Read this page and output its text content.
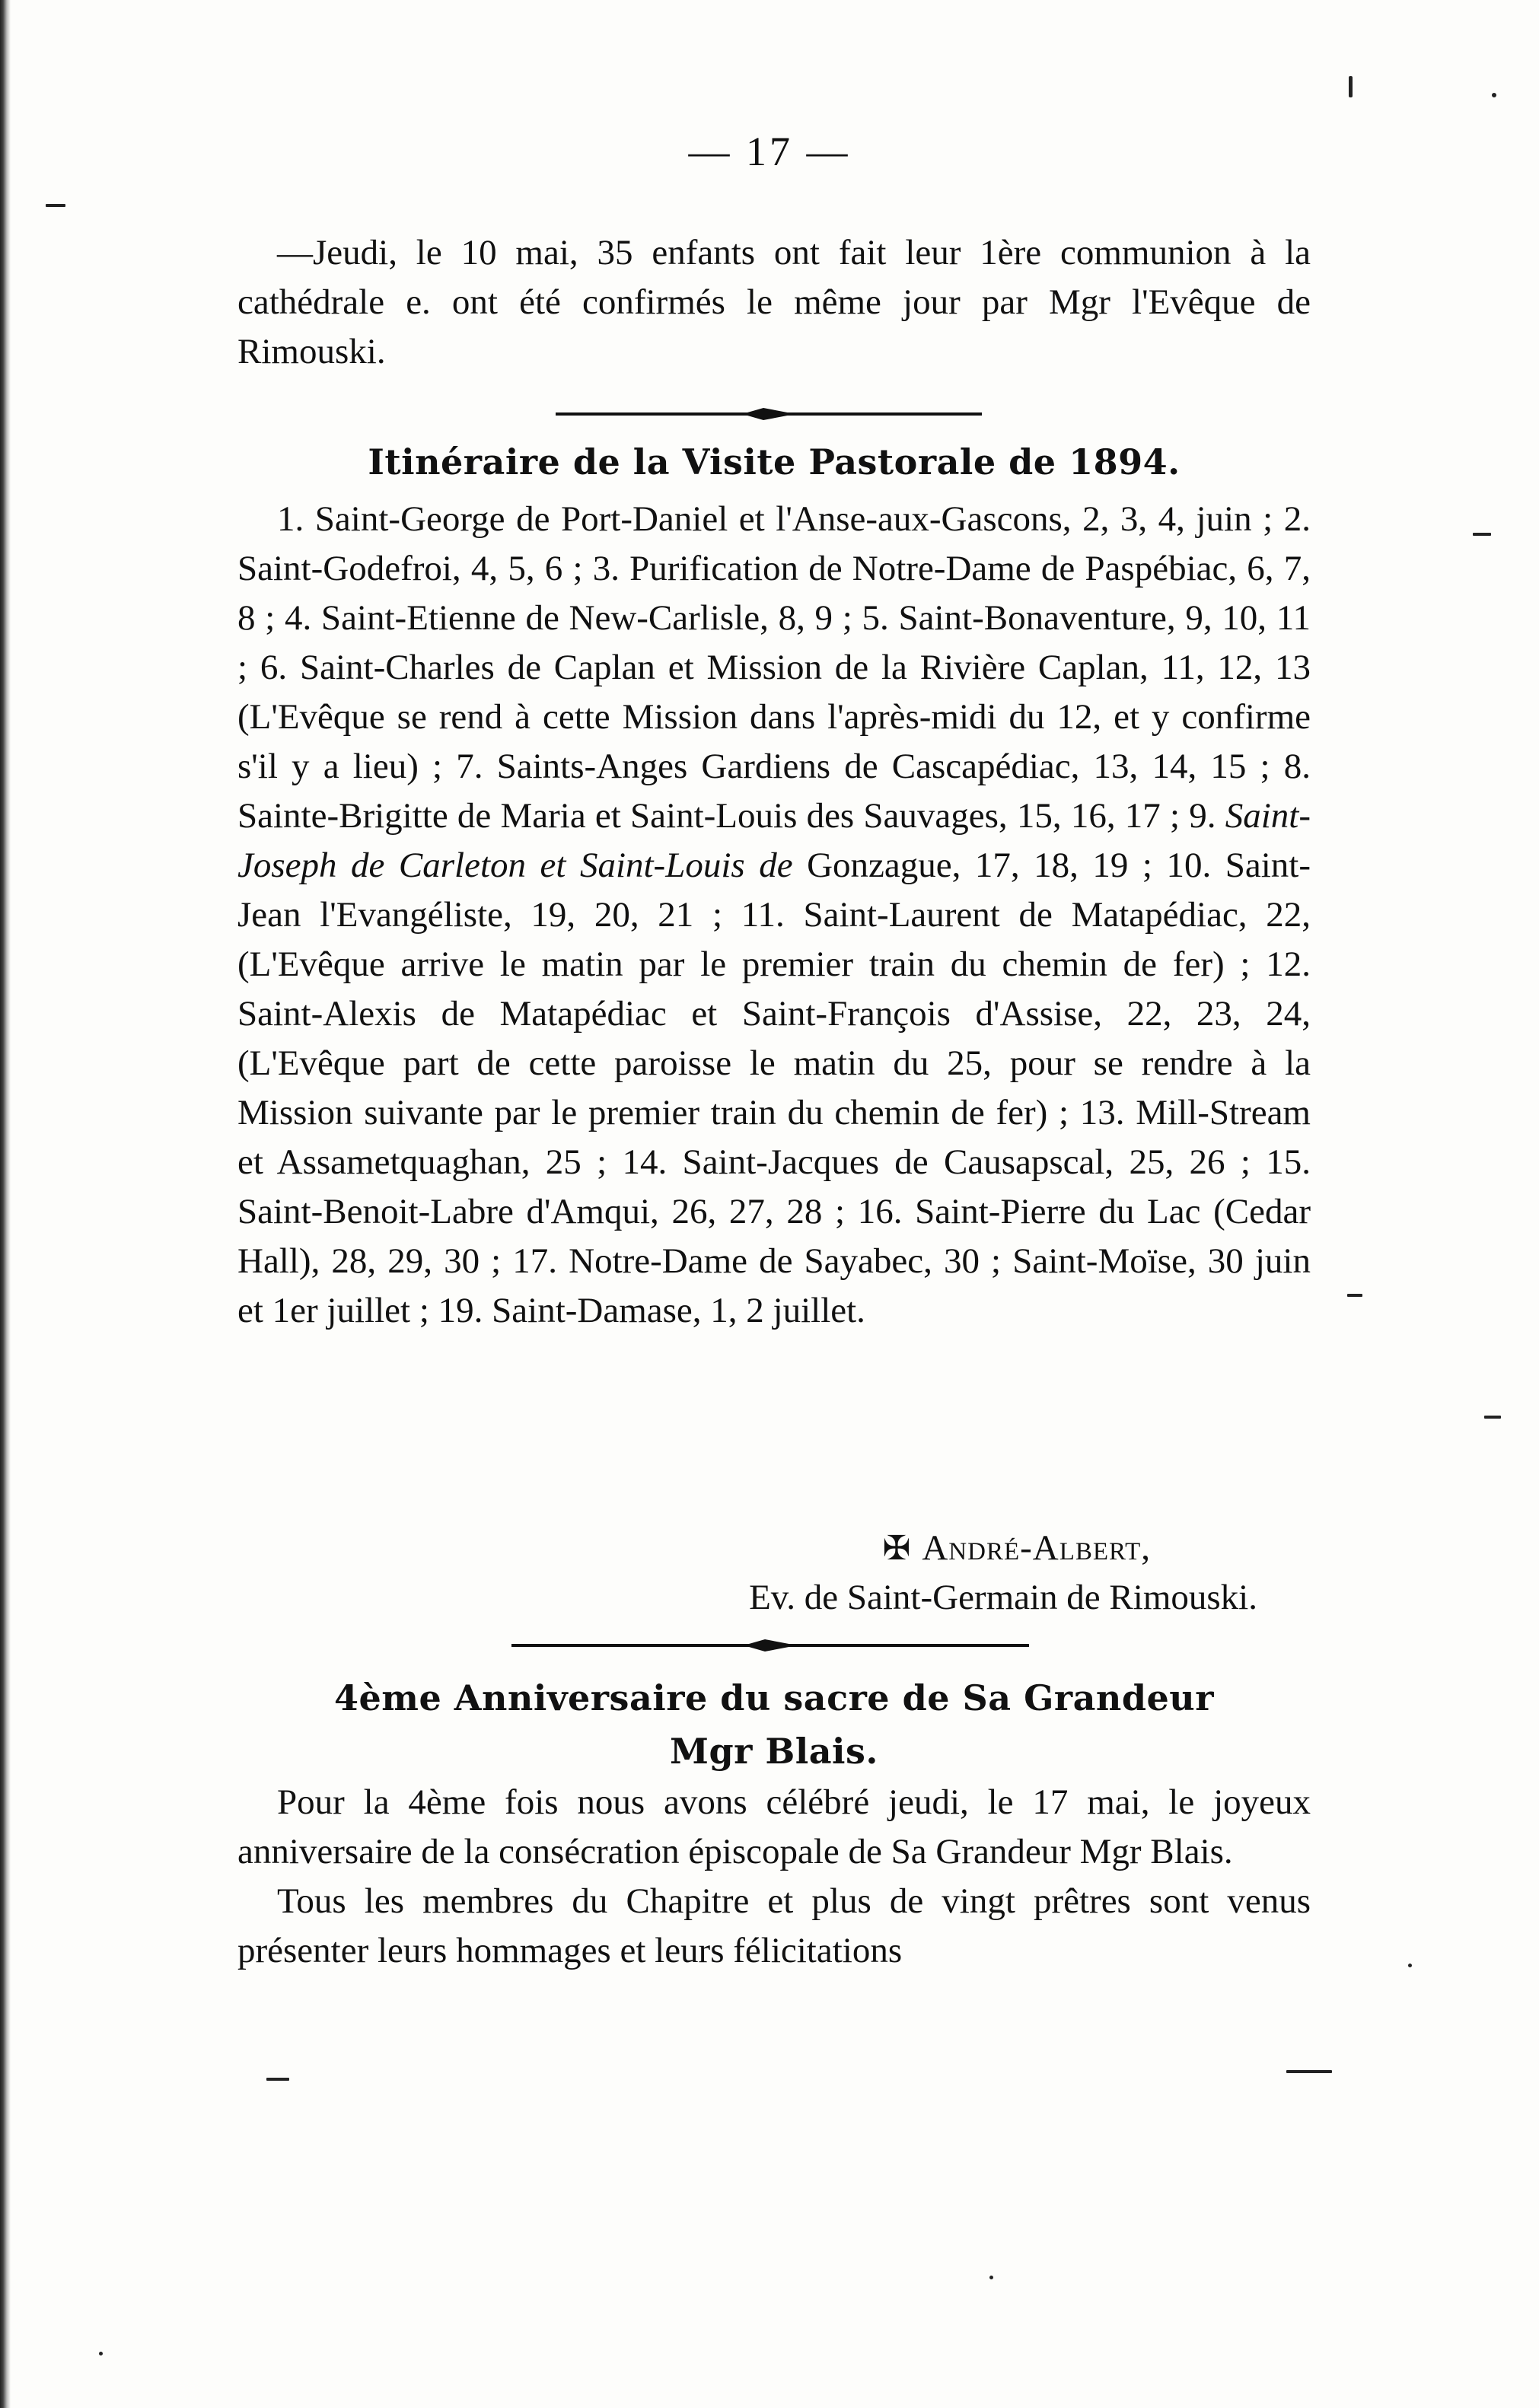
— 17 —

—Jeudi, le 10 mai, 35 enfants ont fait leur 1ère communion à la cathédrale e. ont été confirmés le même jour par Mgr l'Evêque de Rimouski.

Itinéraire de la Visite Pastorale de 1894.

1. Saint-George de Port-Daniel et l'Anse-aux-Gascons, 2, 3, 4, juin ; 2. Saint-Godefroi, 4, 5, 6 ; 3. Purification de Notre-Dame de Paspébiac, 6, 7, 8 ; 4. Saint-Etienne de New-Carlisle, 8, 9 ; 5. Saint-Bonaventure, 9, 10, 11 ; 6. Saint-Charles de Caplan et Mission de la Rivière Caplan, 11, 12, 13 (L'Evêque se rend à cette Mission dans l'après-midi du 12, et y confirme s'il y a lieu) ; 7. Saints-Anges Gardiens de Cascapédiac, 13, 14, 15 ; 8. Sainte-Brigitte de Maria et Saint-Louis des Sauvages, 15, 16, 17 ; 9. Saint-Joseph de Carleton et Saint-Louis de Gonzague, 17, 18, 19 ; 10. Saint-Jean l'Evangéliste, 19, 20, 21 ; 11. Saint-Laurent de Matapédiac, 22, (L'Evêque arrive le matin par le premier train du chemin de fer) ; 12. Saint-Alexis de Matapédiac et Saint-François d'Assise, 22, 23, 24, (L'Evêque part de cette paroisse le matin du 25, pour se rendre à la Mission suivante par le premier train du chemin de fer) ; 13. Mill-Stream et Assametquaghan, 25 ; 14. Saint-Jacques de Causapscal, 25, 26 ; 15. Saint-Benoit-Labre d'Amqui, 26, 27, 28 ; 16. Saint-Pierre du Lac (Cedar Hall), 28, 29, 30 ; 17. Notre-Dame de Sayabec, 30 ; Saint-Moïse, 30 juin et 1er juillet ; 19. Saint-Damase, 1, 2 juillet.

✠ André-Albert,
Ev. de Saint-Germain de Rimouski.
4ème Anniversaire du sacre de Sa Grandeur
Mgr Blais.

Pour la 4ème fois nous avons célébré jeudi, le 17 mai, le joyeux anniversaire de la consécration épiscopale de Sa Grandeur Mgr Blais.

Tous les membres du Chapitre et plus de vingt prêtres sont venus présenter leurs hommages et leurs félicitations
